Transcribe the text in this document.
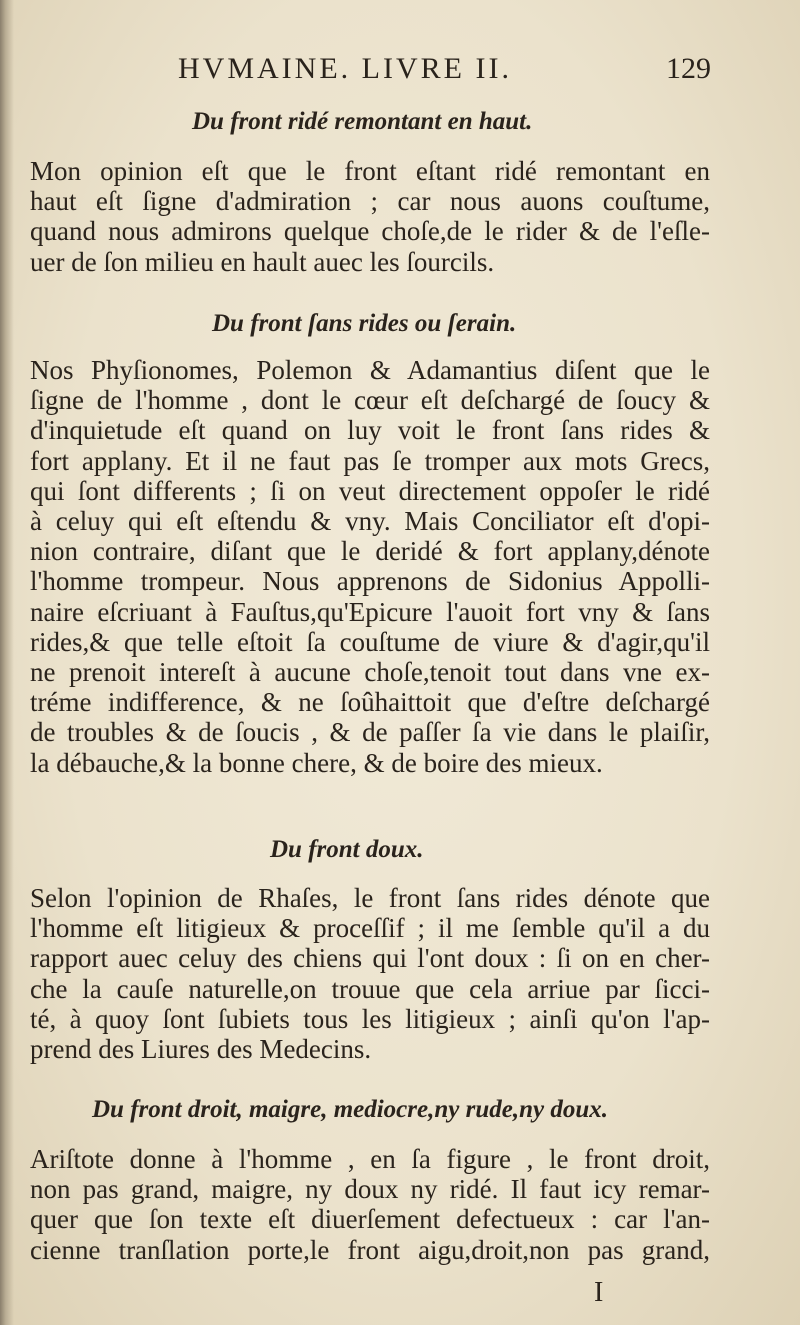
HVMAINE. LIVRE II.	129
Du front ridé remontant en haut.
Mon opinion eſt que le front eſtant ridé remontant en
haut eſt ſigne d'admiration ; car nous auons couſtume,
quand nous admirons quelque choſe,de le rider & de l'eſle-
uer de ſon milieu en hault auec les ſourcils.
Du front ſans rides ou ſerain.
Nos Phyſionomes, Polemon & Adamantius diſent que le
ſigne de l'homme , dont le cœur eſt deſchargé de ſoucy &
d'inquietude eſt quand on luy voit le front ſans rides &
fort applany. Et il ne faut pas ſe tromper aux mots Grecs,
qui ſont differents ; ſi on veut directement oppoſer le ridé
à celuy qui eſt eſtendu & vny. Mais Conciliator eſt d'opi-
nion contraire, diſant que le deridé & fort applany,dénote
l'homme trompeur. Nous apprenons de Sidonius Appolli-
naire eſcriuant à Fauſtus,qu'Epicure l'auoit fort vny & ſans
rides,& que telle eſtoit ſa couſtume de viure & d'agir,qu'il
ne prenoit intereſt à aucune choſe,tenoit tout dans vne ex-
tréme indifference, & ne ſoûhaittoit que d'eſtre deſchargé
de troubles & de ſoucis , & de paſſer ſa vie dans le plaiſir,
la débauche,& la bonne chere, & de boire des mieux.
Du front doux.
Selon l'opinion de Rhaſes, le front ſans rides dénote que
l'homme eſt litigieux & proceſſif ; il me ſemble qu'il a du
rapport auec celuy des chiens qui l'ont doux : ſi on en cher-
che la cauſe naturelle,on trouue que cela arriue par ſicci-
té, à quoy ſont ſubiets tous les litigieux ; ainſi qu'on l'ap-
prend des Liures des Medecins.
Du front droit, maigre, mediocre,ny rude,ny doux.
Ariſtote donne à l'homme , en ſa figure , le front droit,
non pas grand, maigre, ny doux ny ridé. Il faut icy remar-
quer que ſon texte eſt diuerſement defectueux : car l'an-
cienne tranſlation porte,le front aigu,droit,non pas grand,
I
